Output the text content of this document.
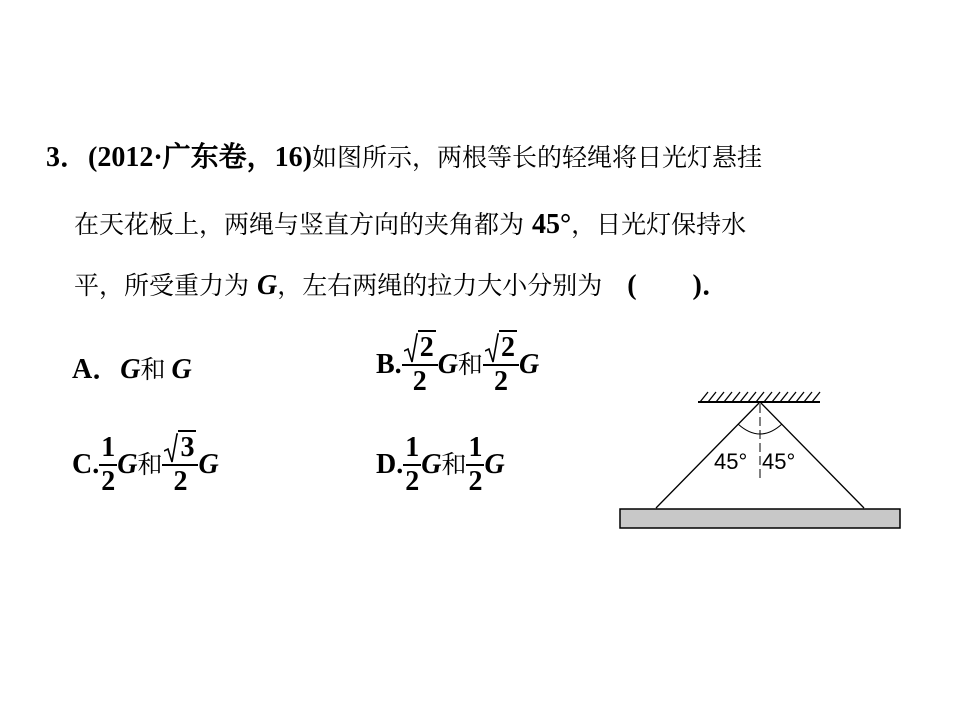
3．(2012·广东卷，16)如图所示，两根等长的轻绳将日光灯悬挂
在天花板上，两绳与竖直方向的夹角都为 45°，日光灯保持水
平，所受重力为 G，左右两绳的拉力大小分别为　(　　)．
A． G 和 G	B. $\frac{2}{2}$ G 和 $\frac{2}{2}$ G
C. $\frac{1}{2}$ G 和 $\frac{3}{2}$ G	D. $\frac{1}{2}$ G 和 $\frac{1}{2}$ G	45° 45°
